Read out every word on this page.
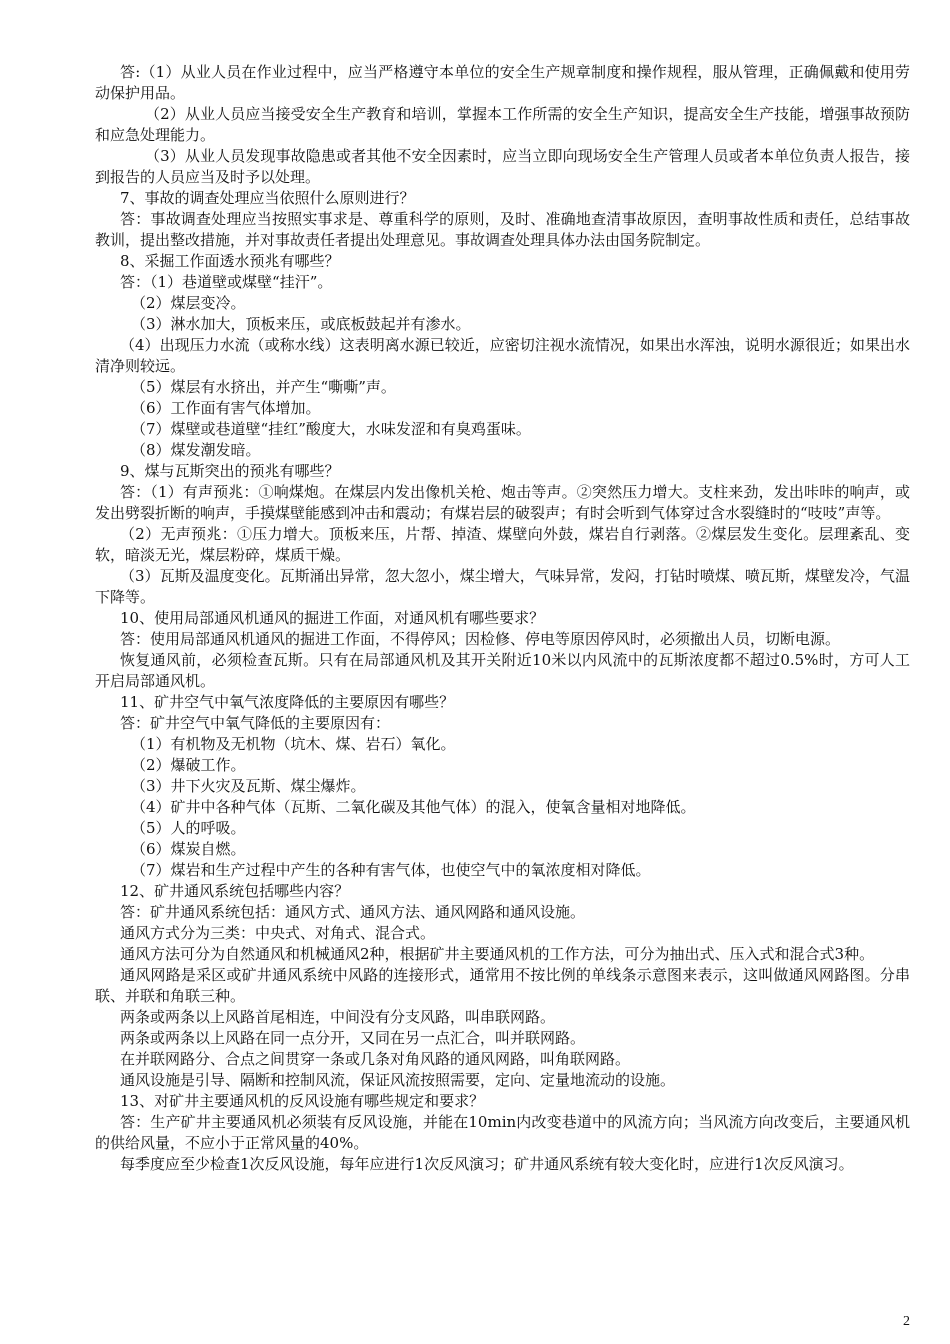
答:（1）从业人员在作业过程中，应当严格遵守本单位的安全生产规章制度和操作规程，服从管理，正确佩戴和使用劳动保护用品。

（2）从业人员应当接受安全生产教育和培训，掌握本工作所需的安全生产知识，提高安全生产技能，增强事故预防和应急处理能力。

（3）从业人员发现事故隐患或者其他不安全因素时，应当立即向现场安全生产管理人员或者本单位负责人报告，接到报告的人员应当及时予以处理。

7、事故的调查处理应当依照什么原则进行？

答：事故调查处理应当按照实事求是、尊重科学的原则，及时、准确地查清事故原因，查明事故性质和责任，总结事故教训，提出整改措施，并对事故责任者提出处理意见。事故调查处理具体办法由国务院制定。

8、采掘工作面透水预兆有哪些？

答：（1）巷道壁或煤壁“挂汗”。

（2）煤层变冷。

（3）淋水加大，顶板来压，或底板鼓起并有渗水。

（4）出现压力水流（或称水线）这表明离水源已较近，应密切注视水流情况，如果出水浑浊，说明水源很近；如果出水清净则较远。

（5）煤层有水挤出，并产生“嘶嘶”声。

（6）工作面有害气体增加。

（7）煤壁或巷道壁“挂红”酸度大，水味发涩和有臭鸡蛋味。

（8）煤发潮发暗。

9、煤与瓦斯突出的预兆有哪些？

答：（1）有声预兆：①响煤炮。在煤层内发出像机关枪、炮击等声。②突然压力增大。支柱来劲，发出咔咔的响声，或发出劈裂折断的响声，手摸煤壁能感到冲击和震动；有煤岩层的破裂声；有时会听到气体穿过含水裂缝时的“吱吱”声等。

（2）无声预兆：①压力增大。顶板来压，片帮、掉渣、煤壁向外鼓，煤岩自行剥落。②煤层发生变化。层理紊乱、变软，暗淡无光，煤层粉碎，煤质干燥。

（3）瓦斯及温度变化。瓦斯涌出异常，忽大忽小，煤尘增大，气味异常，发闷，打钻时喷煤、喷瓦斯，煤壁发冷，气温下降等。

10、使用局部通风机通风的掘进工作面，对通风机有哪些要求？

答：使用局部通风机通风的掘进工作面，不得停风；因检修、停电等原因停风时，必须撤出人员，切断电源。

恢复通风前，必须检查瓦斯。只有在局部通风机及其开关附近10米以内风流中的瓦斯浓度都不超过0.5%时，方可人工开启局部通风机。

11、矿井空气中氧气浓度降低的主要原因有哪些？

答：矿井空气中氧气降低的主要原因有：

（1）有机物及无机物（坑木、煤、岩石）氧化。

（2）爆破工作。

（3）井下火灾及瓦斯、煤尘爆炸。

（4）矿井中各种气体（瓦斯、二氧化碳及其他气体）的混入，使氧含量相对地降低。

（5）人的呼吸。

（6）煤炭自燃。

（7）煤岩和生产过程中产生的各种有害气体，也使空气中的氧浓度相对降低。

12、矿井通风系统包括哪些内容？

答：矿井通风系统包括：通风方式、通风方法、通风网路和通风设施。

通风方式分为三类：中央式、对角式、混合式。

通风方法可分为自然通风和机械通风2种，根据矿井主要通风机的工作方法，可分为抽出式、压入式和混合式3种。

通风网路是采区或矿井通风系统中风路的连接形式，通常用不按比例的单线条示意图来表示，这叫做通风网路图。分串联、并联和角联三种。

两条或两条以上风路首尾相连，中间没有分支风路，叫串联网路。

两条或两条以上风路在同一点分开，又同在另一点汇合，叫并联网路。

在并联网路分、合点之间贯穿一条或几条对角风路的通风网路，叫角联网路。

通风设施是引导、隔断和控制风流，保证风流按照需要，定向、定量地流动的设施。

13、对矿井主要通风机的反风设施有哪些规定和要求？

答：生产矿井主要通风机必须装有反风设施，并能在10min内改变巷道中的风流方向；当风流方向改变后，主要通风机的供给风量，不应小于正常风量的40%。

每季度应至少检查1次反风设施，每年应进行1次反风演习；矿井通风系统有较大变化时，应进行1次反风演习。

2
